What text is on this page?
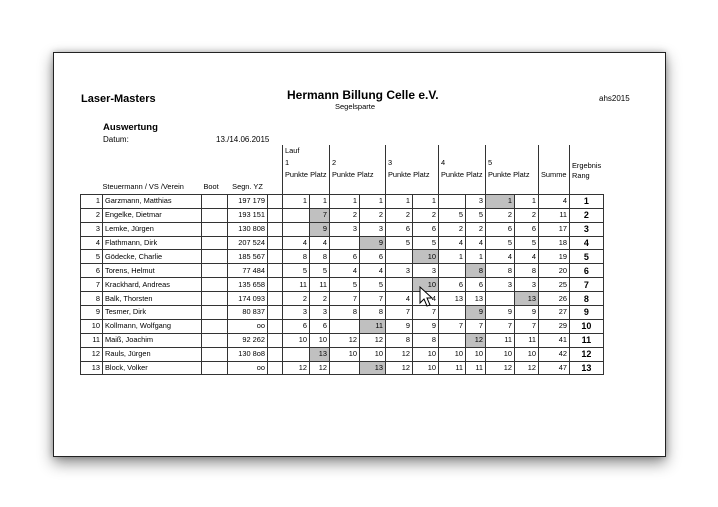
Laser-Masters	Hermann Billung Celle e.V.
Segelsparte
ahs2015
Auswertung
Datum:	13./14.06.2015
					Lauf
1
Punkte Platz		2
Punkte Platz		3
Punkte Platz		4
Punkte Platz		5
Punkte Platz		Summe	Ergebnis
Rang
Steuermann / VS /Verein		Boot	Segn. YZ													
1	Garzmann, Matthias		197 179		1	1	1	1	1	1		3	1	1	4	1
2	Engelke, Dietmar		193 151			7	2	2	2	2	5	5	2	2	11	2
3	Lemke, Jürgen		130 808			9	3	3	6	6	2	2	6	6	17	3
4	Flathmann, Dirk		207 524		4	4		9	5	5	4	4	5	5	18	4
5	Gödecke, Charlie		185 567		8	8	6	6		10	1	1	4	4	19	5
6	Torens, Helmut		77 484		5	5	4	4	3	3		8	8	8	20	6
7	Krackhard, Andreas		135 658		11	11	5	5		10	6	6	3	3	25	7
8	Balk, Thorsten		174 093		2	2	7	7	4	4	13	13		13	26	8
9	Tesmer, Dirk		80 837		3	3	8	8	7	7		9	9	9	27	9
10	Kollmann, Wolfgang		oo		6	6		11	9	9	7	7	7	7	29	10
11	Maiß, Joachim		92 262		10	10	12	12	8	8		12	11	11	41	11
12	Rauls, Jürgen		130 8o8			13	10	10	12	10	10	10	10	10	42	12
13	Block, Volker		oo		12	12		13	12	10	11	11	12	12	47	13
